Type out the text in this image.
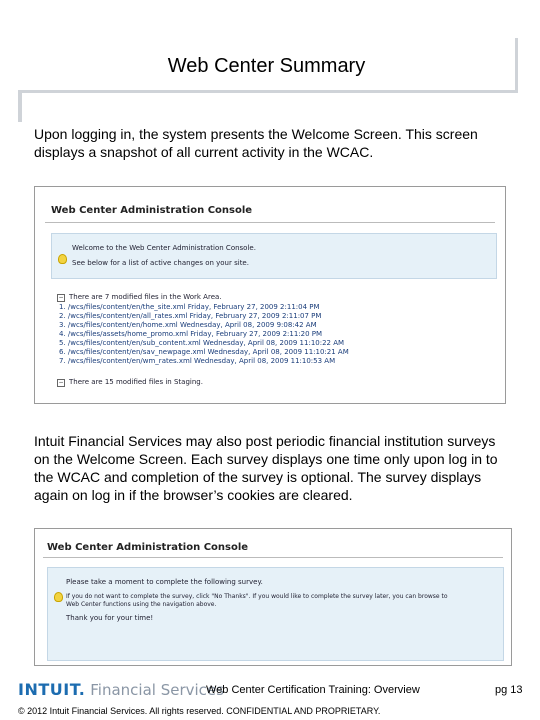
Web Center Summary
Upon logging in, the system presents the Welcome Screen. This screen displays a snapshot of all current activity in the WCAC.
Web Center Administration Console
Welcome to the Web Center Administration Console.
See below for a list of active changes on your site.
− There are 7 modified files in the Work Area.
1. /wcs/files/content/en/the_site.xml Friday, February 27, 2009 2:11:04 PM
2. /wcs/files/content/en/all_rates.xml Friday, February 27, 2009 2:11:07 PM
3. /wcs/files/content/en/home.xml Wednesday, April 08, 2009 9:08:42 AM
4. /wcs/files/assets/home_promo.xml Friday, February 27, 2009 2:11:20 PM
5. /wcs/files/content/en/sub_content.xml Wednesday, April 08, 2009 11:10:22 AM
6. /wcs/files/content/en/sav_newpage.xml Wednesday, April 08, 2009 11:10:21 AM
7. /wcs/files/content/en/wm_rates.xml Wednesday, April 08, 2009 11:10:53 AM
− There are 15 modified files in Staging.
Intuit Financial Services may also post periodic financial institution surveys on the Welcome Screen. Each survey displays one time only upon log in to the WCAC and completion of the survey is optional. The survey displays again on log in if the browser’s cookies are cleared.
Web Center Administration Console
Please take a moment to complete the following survey.
If you do not want to complete the survey, click "No Thanks". If you would like to complete the survey later, you can browse to
Web Center functions using the navigation above.
Thank you for your time!
INTUIT. Financial Services
Web Center Certification Training: Overview	pg 13
© 2012 Intuit Financial Services. All rights reserved. CONFIDENTIAL AND PROPRIETARY.
